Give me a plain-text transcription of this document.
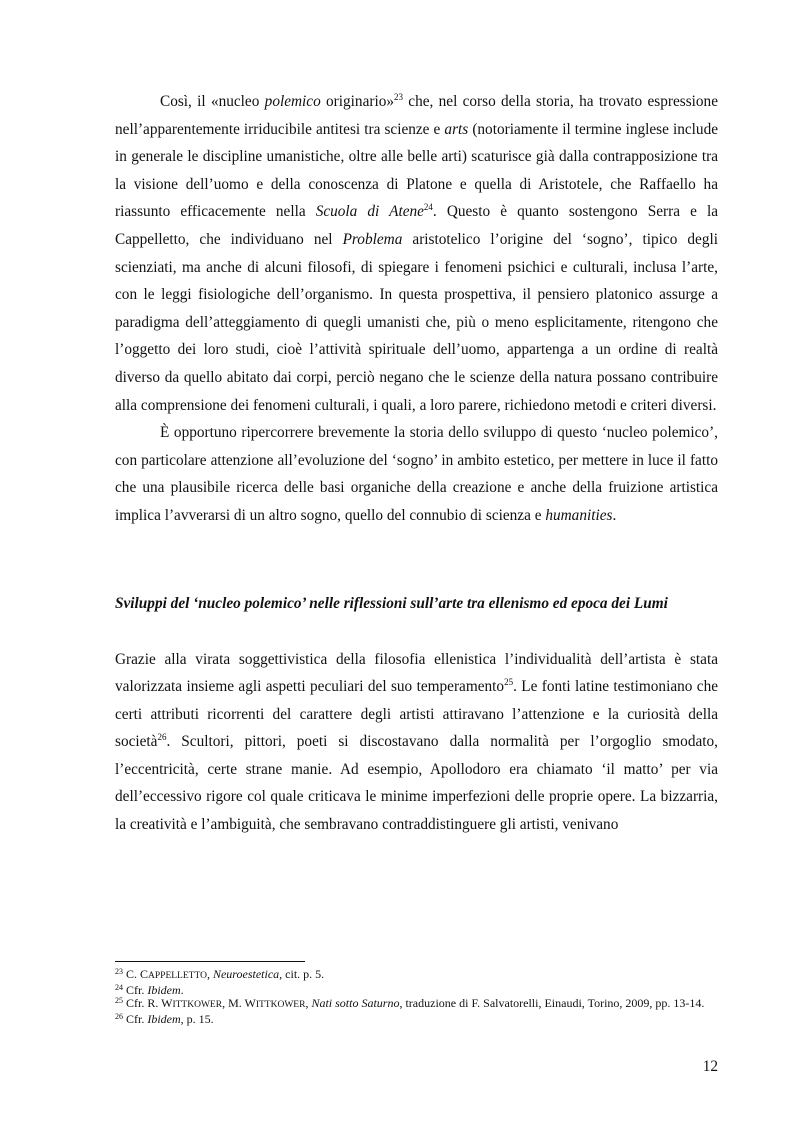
Così, il «nucleo polemico originario»$^{23}$ che, nel corso della storia, ha trovato espressione nell’apparentemente irriducibile antitesi tra scienze e arts (notoriamente il termine inglese include in generale le discipline umanistiche, oltre alle belle arti) scaturisce già dalla contrapposizione tra la visione dell’uomo e della conoscenza di Platone e quella di Aristotele, che Raffaello ha riassunto efficacemente nella Scuola di Atene$^{24}$. Questo è quanto sostengono Serra e la Cappelletto, che individuano nel Problema aristotelico l’origine del ‘sogno’, tipico degli scienziati, ma anche di alcuni filosofi, di spiegare i fenomeni psichici e culturali, inclusa l’arte, con le leggi fisiologiche dell’organismo. In questa prospettiva, il pensiero platonico assurge a paradigma dell’atteggiamento di quegli umanisti che, più o meno esplicitamente, ritengono che l’oggetto dei loro studi, cioè l’attività spirituale dell’uomo, appartenga a un ordine di realtà diverso da quello abitato dai corpi, perciò negano che le scienze della natura possano contribuire alla comprensione dei fenomeni culturali, i quali, a loro parere, richiedono metodi e criteri diversi.

È opportuno ripercorrere brevemente la storia dello sviluppo di questo ‘nucleo polemico’, con particolare attenzione all’evoluzione del ‘sogno’ in ambito estetico, per mettere in luce il fatto che una plausibile ricerca delle basi organiche della creazione e anche della fruizione artistica implica l’avverarsi di un altro sogno, quello del connubio di scienza e humanities.

Sviluppi del ‘nucleo polemico’ nelle riflessioni sull’arte tra ellenismo ed epoca dei Lumi

Grazie alla virata soggettivistica della filosofia ellenistica l’individualità dell’artista è stata valorizzata insieme agli aspetti peculiari del suo temperamento$^{25}$. Le fonti latine testimoniano che certi attributi ricorrenti del carattere degli artisti attiravano l’attenzione e la curiosità della società$^{26}$. Scultori, pittori, poeti si discostavano dalla normalità per l’orgoglio smodato, l’eccentricità, certe strane manie. Ad esempio, Apollodoro era chiamato ‘il matto’ per via dell’eccessivo rigore col quale criticava le minime imperfezioni delle proprie opere. La bizzarria, la creatività e l’ambiguità, che sembravano contraddistinguere gli artisti, venivano

$^{23}$ C. CAPPELLETTO, Neuroestetica, cit. p. 5.

$^{24}$ Cfr. Ibidem.

$^{25}$ Cfr. R. WITTKOWER, M. WITTKOWER, Nati sotto Saturno, traduzione di F. Salvatorelli, Einaudi, Torino, 2009, pp. 13-14.

$^{26}$ Cfr. Ibidem, p. 15.

12
